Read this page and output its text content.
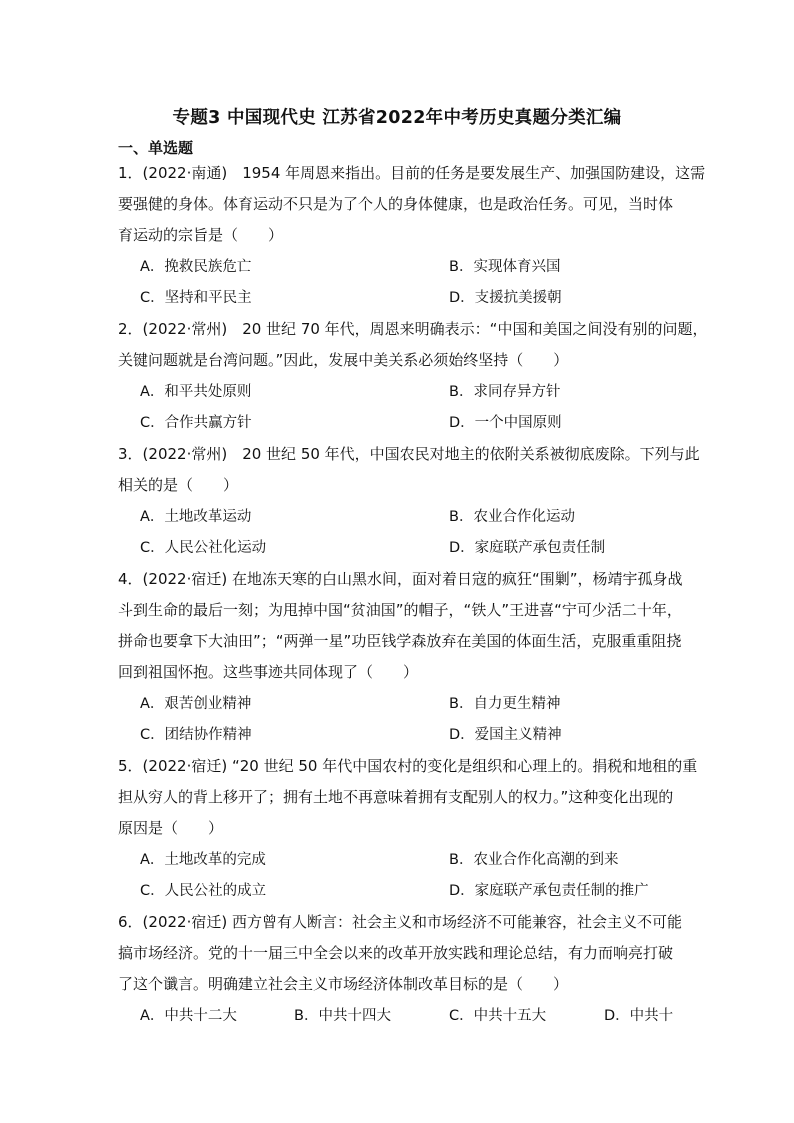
专题3 中国现代史 江苏省2022年中考历史真题分类汇编
一、单选题

1．(2022·南通)　1954 年周恩来指出。目前的任务是要发展生产、加强国防建设，这需

要强健的身体。体育运动不只是为了个人的身体健康，也是政治任务。可见，当时体

育运动的宗旨是（　　）

A．挽救民族危亡	B．实现体育兴国
C．坚持和平民主	D．支援抗美援朝

2．(2022·常州)　20 世纪 70 年代，周恩来明确表示：“中国和美国之间没有别的问题，

关键问题就是台湾问题。”因此，发展中美关系必须始终坚持（　　）

A．和平共处原则	B．求同存异方针
C．合作共赢方针	D．一个中国原则

3．(2022·常州)　20 世纪 50 年代，中国农民对地主的依附关系被彻底废除。下列与此

相关的是（　　）

A．土地改革运动	B．农业合作化运动
C．人民公社化运动	D．家庭联产承包责任制

4．(2022·宿迁) 在地冻天寒的白山黑水间，面对着日寇的疯狂“围剿”，杨靖宇孤身战

斗到生命的最后一刻；为甩掉中国“贫油国”的帽子，“铁人”王进喜“宁可少活二十年，

拼命也要拿下大油田”；“两弹一星”功臣钱学森放弃在美国的体面生活，克服重重阻挠

回到祖国怀抱。这些事迹共同体现了（　　）

A．艰苦创业精神	B．自力更生精神
C．团结协作精神	D．爱国主义精神

5．(2022·宿迁) “20 世纪 50 年代中国农村的变化是组织和心理上的。捐税和地租的重

担从穷人的背上移开了；拥有土地不再意味着拥有支配别人的权力。”这种变化出现的

原因是（　　）

A．土地改革的完成	B．农业合作化高潮的到来
C．人民公社的成立	D．家庭联产承包责任制的推广

6．(2022·宿迁) 西方曾有人断言：社会主义和市场经济不可能兼容，社会主义不可能

搞市场经济。党的十一届三中全会以来的改革开放实践和理论总结，有力而响亮打破

了这个谶言。明确建立社会主义市场经济体制改革目标的是（　　）

A．中共十二大	B．中共十四大	C．中共十五大	D．中共十
